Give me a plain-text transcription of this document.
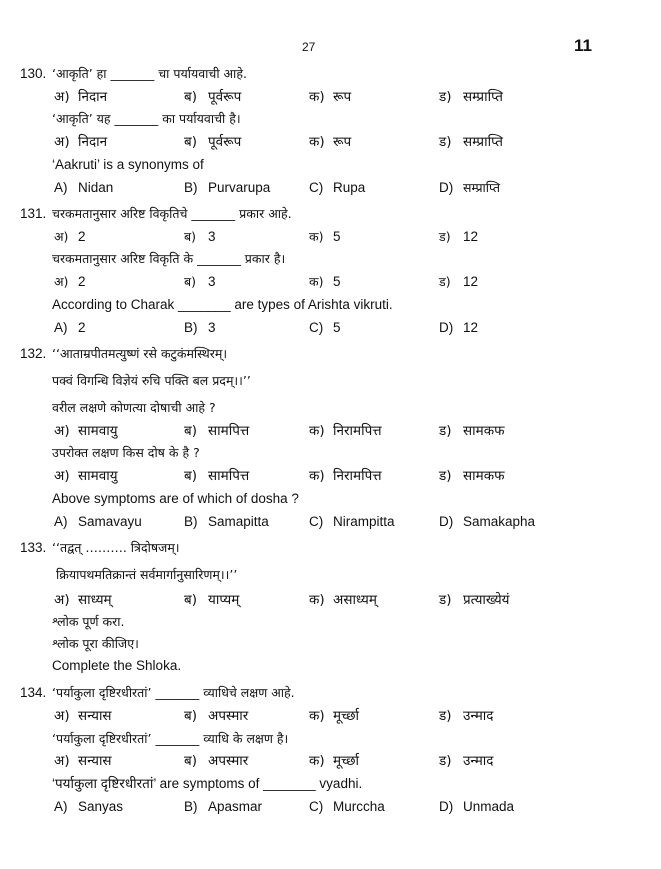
27	11
130. ‘आकृति’ हा _______ चा पर्यायवाची आहे.
अ) निदान	ब) पूर्वरूप	क) रूप	ड) सम्प्राप्ति
‘आकृति’ यह _______ का पर्यायवाची है।
अ) निदान	ब) पूर्वरूप	क) रूप	ड) सम्प्राप्ति
‘Aakruti’ is a synonyms of
A) Nidan	B) Purvarupa	C) Rupa	D) सम्प्राप्ति
131. चरकमतानुसार अरिष्ट विकृतिचे _______ प्रकार आहे.
अ) 2	ब) 3	क) 5	ड) 12
चरकमतानुसार अरिष्ट विकृति के _______ प्रकार है।
अ) 2	ब) 3	क) 5	ड) 12
According to Charak _______ are types of Arishta vikruti.
A) 2	B) 3	C) 5	D) 12
132. ‘‘आताम्रपीतमत्युष्णं रसे कटुकंमस्थिरम्।
पक्वं विगन्धि विज्ञेयं रुचि पक्ति बल प्रदम्।।’’
वरील लक्षणे कोणत्या दोषाची आहे ?
अ) सामवायु	ब) सामपित्त	क) निरामपित्त	ड) सामकफ
उपरोक्त लक्षण किस दोष के है ?
अ) सामवायु	ब) सामपित्त	क) निरामपित्त	ड) सामकफ
Above symptoms are of which of dosha ?
A) Samavayu	B) Samapitta	C) Nirampitta	D) Samakapha
133. ‘‘तद्वत् ………. त्रिदोषजम्।
क्रियापथमतिक्रान्तं सर्वमार्गानुसारिणम्।।’’
अ) साध्यम्	ब) याप्यम्	क) असाध्यम्	ड) प्रत्याख्येयं
श्लोक पूर्ण करा.
श्लोक पूरा कीजिए।
Complete the Shloka.
134. ‘पर्याकुला दृष्टिरधीरतां’ _______ व्याधिचे लक्षण आहे.
अ) सन्यास	ब) अपस्मार	क) मूर्च्छा	ड) उन्माद
‘पर्याकुला दृष्टिरधीरतां’ _______ व्याधि के लक्षण है।
अ) सन्यास	ब) अपस्मार	क) मूर्च्छा	ड) उन्माद
‘पर्याकुला दृष्टिरधीरतां’ are symptoms of _______ vyadhi.
A) Sanyas	B) Apasmar	C) Murccha	D) Unmada
